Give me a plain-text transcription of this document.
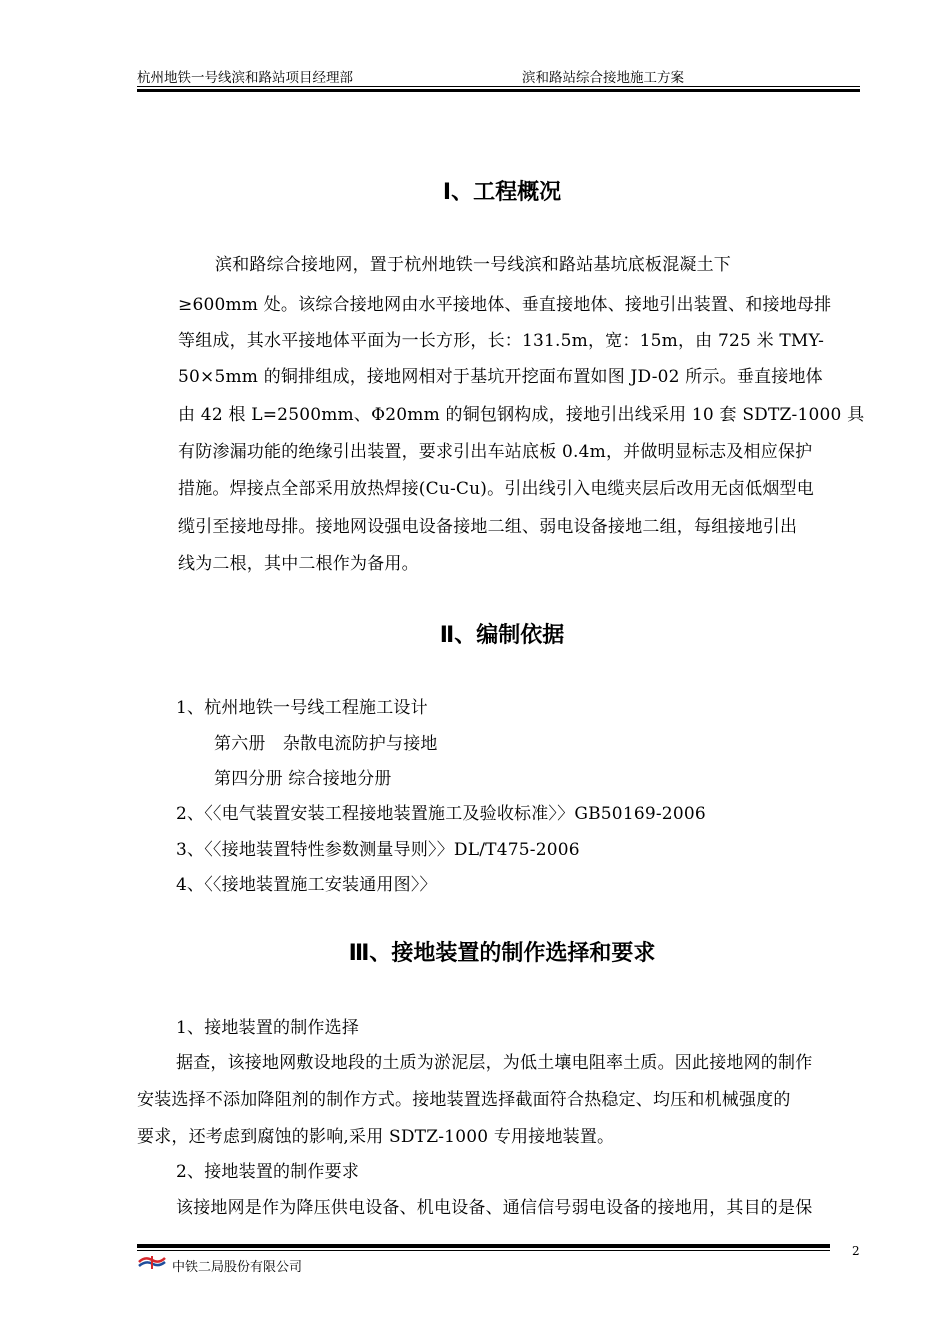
杭州地铁一号线滨和路站项目经理部	滨和路站综合接地施工方案
Ⅰ、工程概况
滨和路综合接地网，置于杭州地铁一号线滨和路站基坑底板混凝土下
≥600mm 处。该综合接地网由水平接地体、垂直接地体、接地引出装置、和接地母排
等组成，其水平接地体平面为一长方形，长：131.5m，宽：15m，由 725 米 TMY-
50×5mm 的铜排组成，接地网相对于基坑开挖面布置如图 JD-02 所示。垂直接地体
由 42 根 L=2500mm、Φ20mm 的铜包钢构成，接地引出线采用 10 套 SDTZ-1000 具
有防渗漏功能的绝缘引出装置，要求引出车站底板 0.4m，并做明显标志及相应保护
措施。焊接点全部采用放热焊接(Cu-Cu)。引出线引入电缆夹层后改用无卤低烟型电
缆引至接地母排。接地网设强电设备接地二组、弱电设备接地二组，每组接地引出
线为二根，其中二根作为备用。
Ⅱ、编制依据
1、杭州地铁一号线工程施工设计
第六册　杂散电流防护与接地
第四分册 综合接地分册
2、〈〈电气装置安装工程接地装置施工及验收标准〉〉GB50169-2006
3、〈〈接地装置特性参数测量导则〉〉DL/T475-2006
4、〈〈接地装置施工安装通用图〉〉
Ⅲ、接地装置的制作选择和要求
1、接地装置的制作选择
据查，该接地网敷设地段的土质为淤泥层，为低土壤电阻率土质。因此接地网的制作
安装选择不添加降阻剂的制作方式。接地装置选择截面符合热稳定、均压和机械强度的
要求，还考虑到腐蚀的影响,采用 SDTZ-1000 专用接地装置。
2、接地装置的制作要求
该接地网是作为降压供电设备、机电设备、通信信号弱电设备的接地用，其目的是保
2
中铁二局股份有限公司
